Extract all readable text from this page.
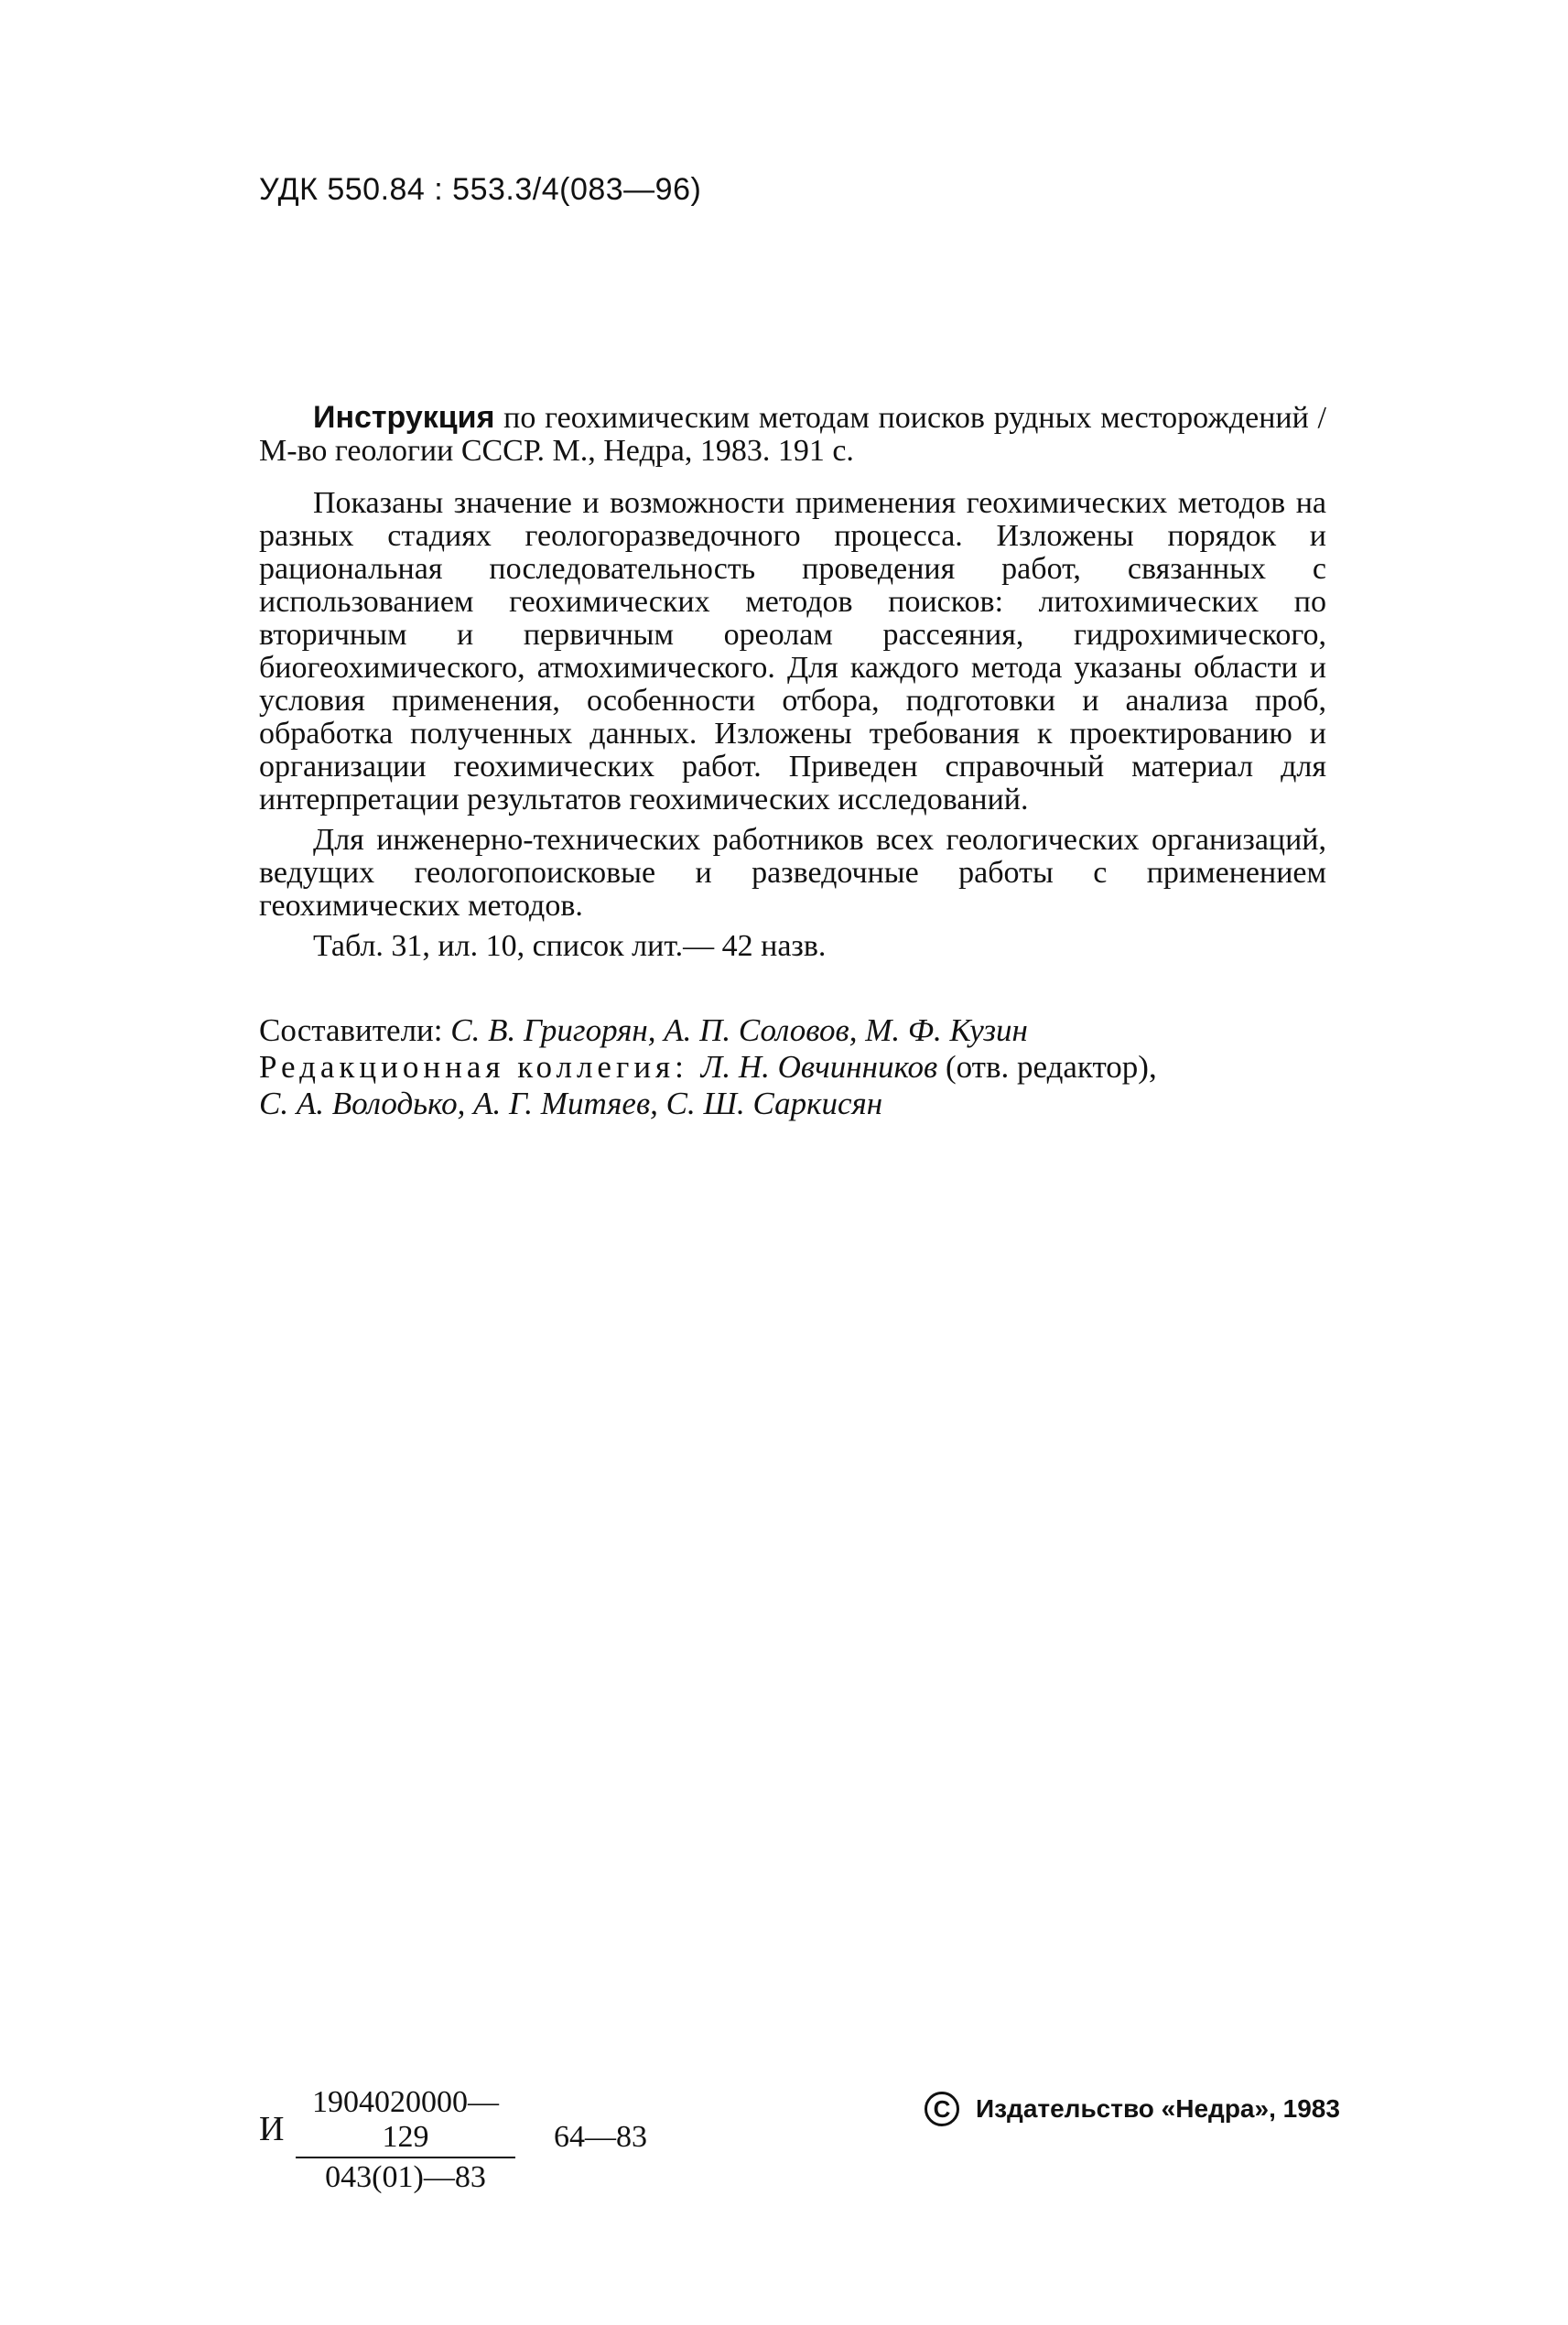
УДК 550.84 : 553.3/4(083—96)
Инструкция по геохимическим методам поисков рудных месторождений / М-во геологии СССР. М., Недра, 1983. 191 с.

Показаны значение и возможности применения геохимических методов на разных стадиях геологоразведочного процесса. Изложены порядок и рациональная последовательность проведения работ, связанных с использованием геохимических методов поисков: литохимических по вторичным и первичным ореолам рассеяния, гидрохимического, биогеохимического, атмохимического. Для каждого метода указаны области и условия применения, особенности отбора, подготовки и анализа проб, обработка полученных данных. Изложены требования к проектированию и организации геохимических работ. Приведен справочный материал для интерпретации результатов геохимических исследований.

Для инженерно-технических работников всех геологических организаций, ведущих геологопоисковые и разведочные работы с применением геохимических методов.

Табл. 31, ил. 10, список лит.— 42 назв.

Составители: С. В. Григорян, А. П. Соловов, М. Ф. Кузин

Редакционная коллегия: Л. Н. Овчинников (отв. редактор),

С. А. Володько, А. Г. Митяев, С. Ш. Саркисян

И $\frac{1904020000—129}{043(01)—83}$ 64—83
C Издательство «Недра», 1983
